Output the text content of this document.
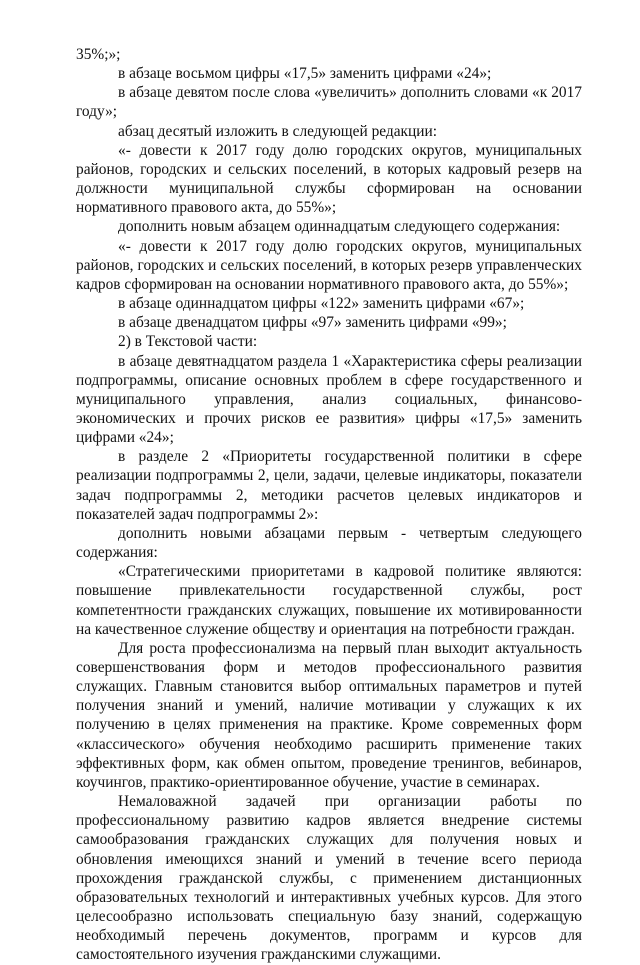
35%;»;

в абзаце восьмом цифры «17,5» заменить цифрами «24»;

в абзаце девятом после слова «увеличить» дополнить словами «к 2017 году»;

абзац десятый изложить в следующей редакции:

«- довести к 2017 году долю городских округов, муниципальных районов, городских и сельских поселений, в которых кадровый резерв на должности муниципальной службы сформирован на основании нормативного правового акта, до 55%»;

дополнить новым абзацем одиннадцатым следующего содержания:

«- довести к 2017 году долю городских округов, муниципальных районов, городских и сельских поселений, в которых резерв управленческих кадров сформирован на основании нормативного правового акта, до 55%»;

в абзаце одиннадцатом цифры «122» заменить цифрами «67»;

в абзаце двенадцатом цифры «97» заменить цифрами «99»;

2) в Текстовой части:

в абзаце девятнадцатом раздела 1 «Характеристика сферы реализации подпрограммы, описание основных проблем в сфере государственного и муниципального управления, анализ социальных, финансово-экономических и прочих рисков ее развития» цифры «17,5» заменить цифрами «24»;

в разделе 2 «Приоритеты государственной политики в сфере реализации подпрограммы 2, цели, задачи, целевые индикаторы, показатели задач подпрограммы 2, методики расчетов целевых индикаторов и показателей задач подпрограммы 2»:

дополнить новыми абзацами первым - четвертым следующего содержания:

«Стратегическими приоритетами в кадровой политике являются: повышение привлекательности государственной службы, рост компетентности гражданских служащих, повышение их мотивированности на качественное служение обществу и ориентация на потребности граждан.

Для роста профессионализма на первый план выходит актуальность совершенствования форм и методов профессионального развития служащих. Главным становится выбор оптимальных параметров и путей получения знаний и умений, наличие мотивации у служащих к их получению в целях применения на практике. Кроме современных форм «классического» обучения необходимо расширить применение таких эффективных форм, как обмен опытом, проведение тренингов, вебинаров, коучингов, практико-ориентированное обучение, участие в семинарах.

Немаловажной задачей при организации работы по профессиональному развитию кадров является внедрение системы самообразования гражданских служащих для получения новых и обновления имеющихся знаний и умений в течение всего периода прохождения гражданской службы, с применением дистанционных образовательных технологий и интерактивных учебных курсов. Для этого целесообразно использовать специальную базу знаний, содержащую необходимый перечень документов, программ и курсов для самостоятельного изучения гражданскими служащими.
